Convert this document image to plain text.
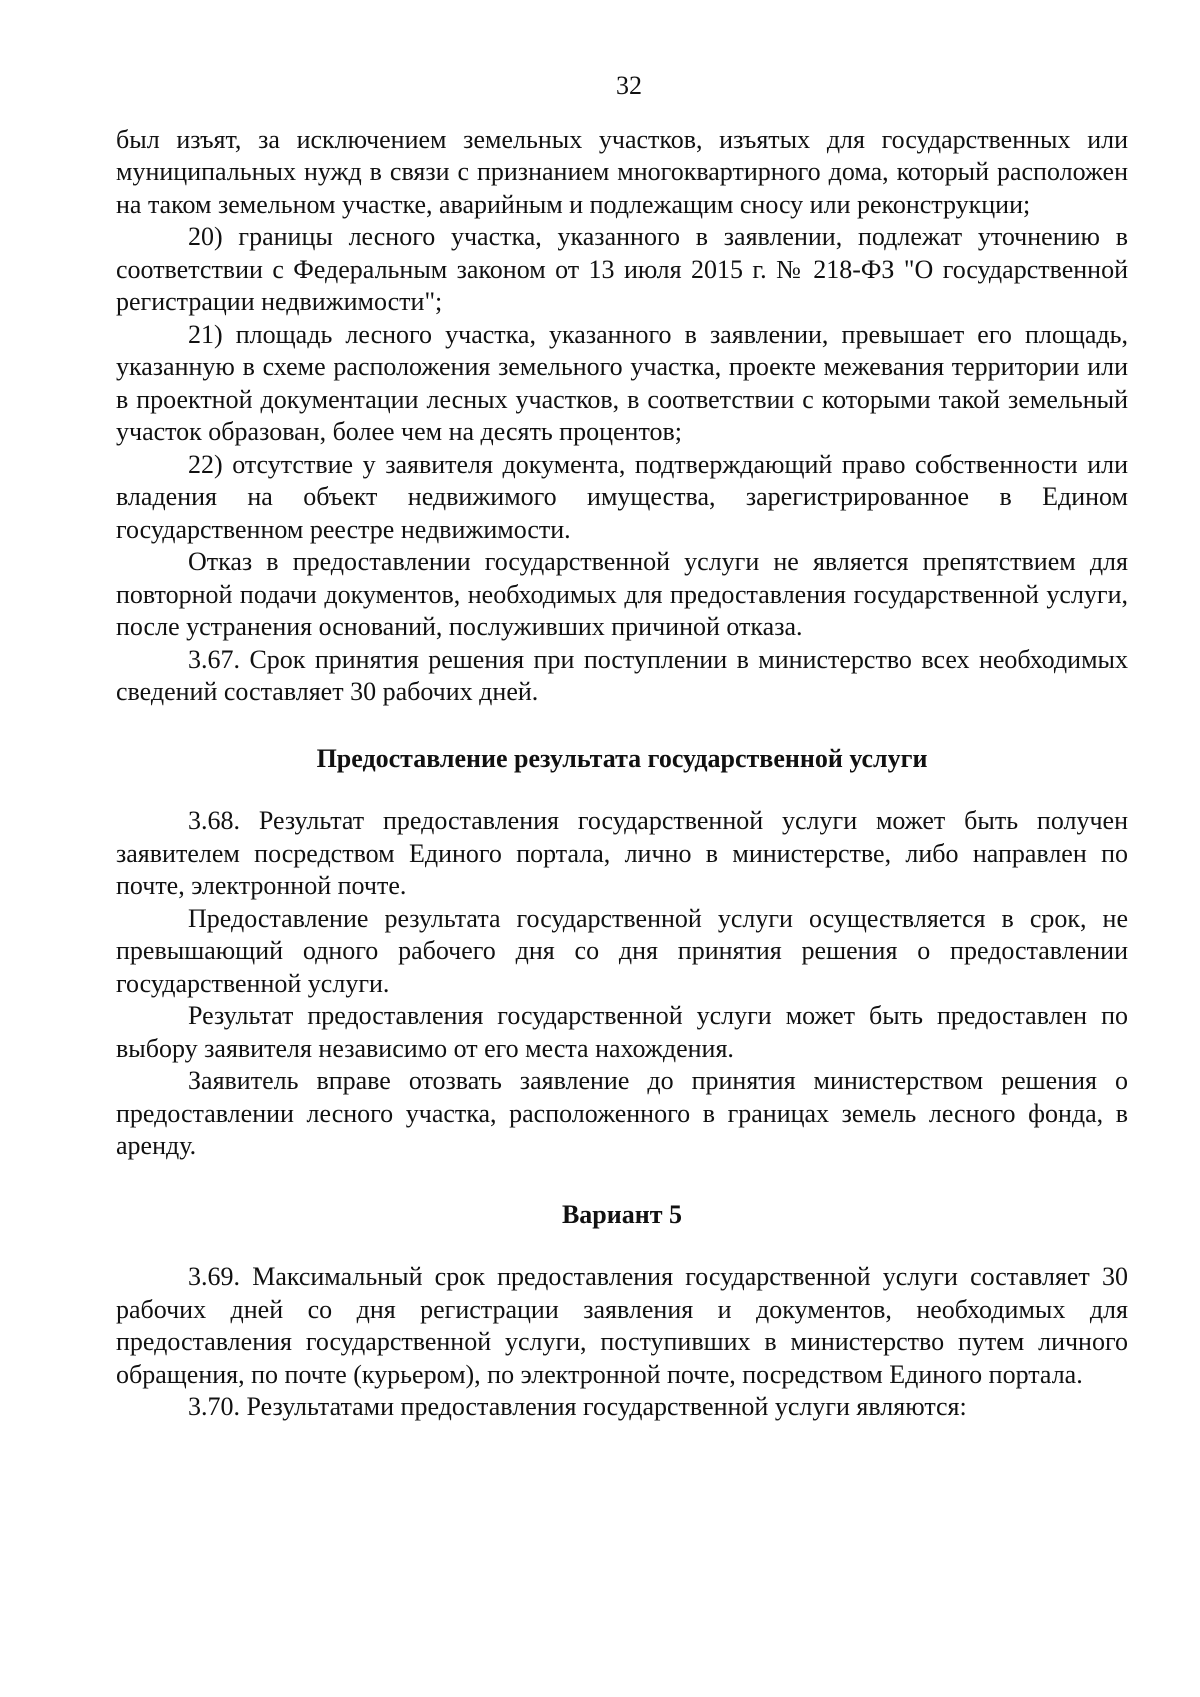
32

был изъят, за исключением земельных участков, изъятых для государственных или муниципальных нужд в связи с признанием многоквартирного дома, который расположен на таком земельном участке, аварийным и подлежащим сносу или реконструкции;

20) границы лесного участка, указанного в заявлении, подлежат уточнению в соответствии с Федеральным законом от 13 июля 2015 г. № 218-ФЗ "О государственной регистрации недвижимости";

21) площадь лесного участка, указанного в заявлении, превышает его площадь, указанную в схеме расположения земельного участка, проекте межевания территории или в проектной документации лесных участков, в соответствии с которыми такой земельный участок образован, более чем на десять процентов;

22) отсутствие у заявителя документа, подтверждающий право собственности или владения на объект недвижимого имущества, зарегистрированное в Едином государственном реестре недвижимости.

Отказ в предоставлении государственной услуги не является препятствием для повторной подачи документов, необходимых для предоставления государственной услуги, после устранения оснований, послуживших причиной отказа.

3.67. Срок принятия решения при поступлении в министерство всех необходимых сведений составляет 30 рабочих дней.

Предоставление результата государственной услуги

3.68. Результат предоставления государственной услуги может быть получен заявителем посредством Единого портала, лично в министерстве, либо направлен по почте, электронной почте.

Предоставление результата государственной услуги осуществляется в срок, не превышающий одного рабочего дня со дня принятия решения о предоставлении государственной услуги.

Результат предоставления государственной услуги может быть предоставлен по выбору заявителя независимо от его места нахождения.

Заявитель вправе отозвать заявление до принятия министерством решения о предоставлении лесного участка, расположенного в границах земель лесного фонда, в аренду.

Вариант 5

3.69. Максимальный срок предоставления государственной услуги составляет 30 рабочих дней со дня регистрации заявления и документов, необходимых для предоставления государственной услуги, поступивших в министерство путем личного обращения, по почте (курьером), по электронной почте, посредством Единого портала.

3.70. Результатами предоставления государственной услуги являются:
